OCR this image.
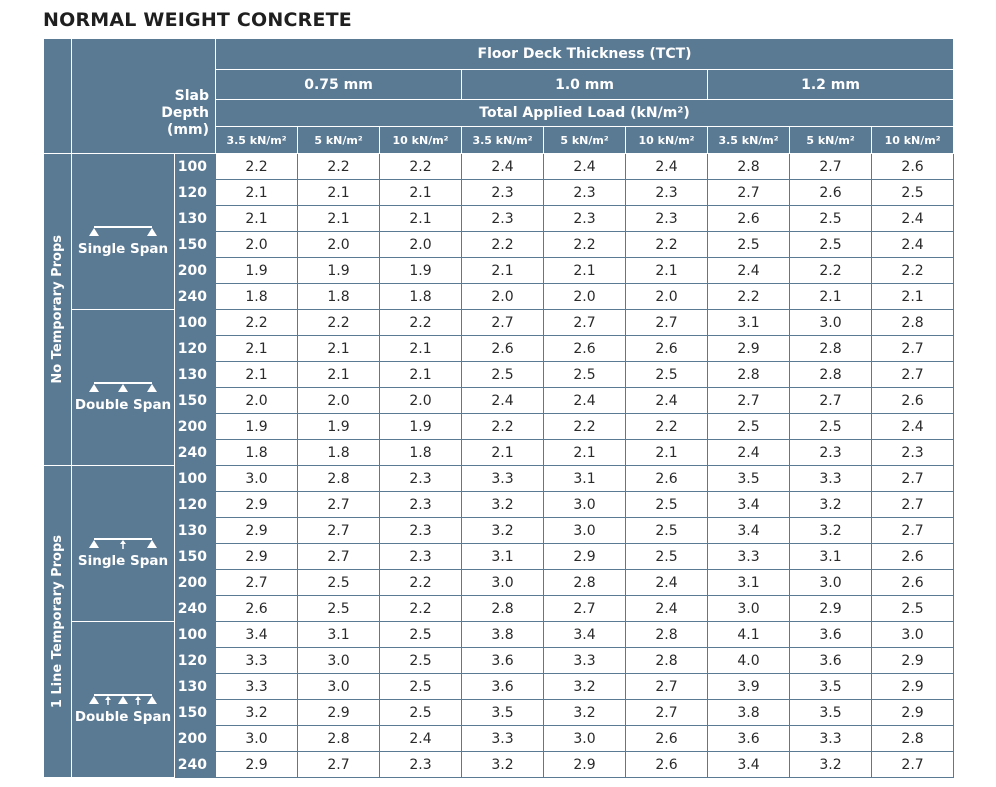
NORMAL WEIGHT CONCRETE

	Slab
Depth
(mm)		Floor Deck Thickness (TCT)								
			0.75 mm			1.0 mm			1.2 mm		
			Total Applied Load (kN/m²)								
			3.5 kN/m²	5 kN/m²	10 kN/m²	3.5 kN/m²	5 kN/m²	10 kN/m²	3.5 kN/m²	5 kN/m²	10 kN/m²

No Temporary Props	Single Span	100	2.2	2.2	2.2	2.4	2.4	2.4	2.8	2.7	2.6
		120	2.1	2.1	2.1	2.3	2.3	2.3	2.7	2.6	2.5
		130	2.1	2.1	2.1	2.3	2.3	2.3	2.6	2.5	2.4
		150	2.0	2.0	2.0	2.2	2.2	2.2	2.5	2.5	2.4
		200	1.9	1.9	1.9	2.1	2.1	2.1	2.4	2.2	2.2
		240	1.8	1.8	1.8	2.0	2.0	2.0	2.2	2.1	2.1

	Double Span	100	2.2	2.2	2.2	2.7	2.7	2.7	3.1	3.0	2.8
		120	2.1	2.1	2.1	2.6	2.6	2.6	2.9	2.8	2.7
		130	2.1	2.1	2.1	2.5	2.5	2.5	2.8	2.8	2.7
		150	2.0	2.0	2.0	2.4	2.4	2.4	2.7	2.7	2.6
		200	1.9	1.9	1.9	2.2	2.2	2.2	2.5	2.5	2.4
		240	1.8	1.8	1.8	2.1	2.1	2.1	2.4	2.3	2.3

1 Line Temporary Props	Single Span	100	3.0	2.8	2.3	3.3	3.1	2.6	3.5	3.3	2.7
		120	2.9	2.7	2.3	3.2	3.0	2.5	3.4	3.2	2.7
		130	2.9	2.7	2.3	3.2	3.0	2.5	3.4	3.2	2.7
		150	2.9	2.7	2.3	3.1	2.9	2.5	3.3	3.1	2.6
		200	2.7	2.5	2.2	3.0	2.8	2.4	3.1	3.0	2.6
		240	2.6	2.5	2.2	2.8	2.7	2.4	3.0	2.9	2.5

	Double Span	100	3.4	3.1	2.5	3.8	3.4	2.8	4.1	3.6	3.0
		120	3.3	3.0	2.5	3.6	3.3	2.8	4.0	3.6	2.9
		130	3.3	3.0	2.5	3.6	3.2	2.7	3.9	3.5	2.9
		150	3.2	2.9	2.5	3.5	3.2	2.7	3.8	3.5	2.9
		200	3.0	2.8	2.4	3.3	3.0	2.6	3.6	3.3	2.8
		240	2.9	2.7	2.3	3.2	2.9	2.6	3.4	3.2	2.7
